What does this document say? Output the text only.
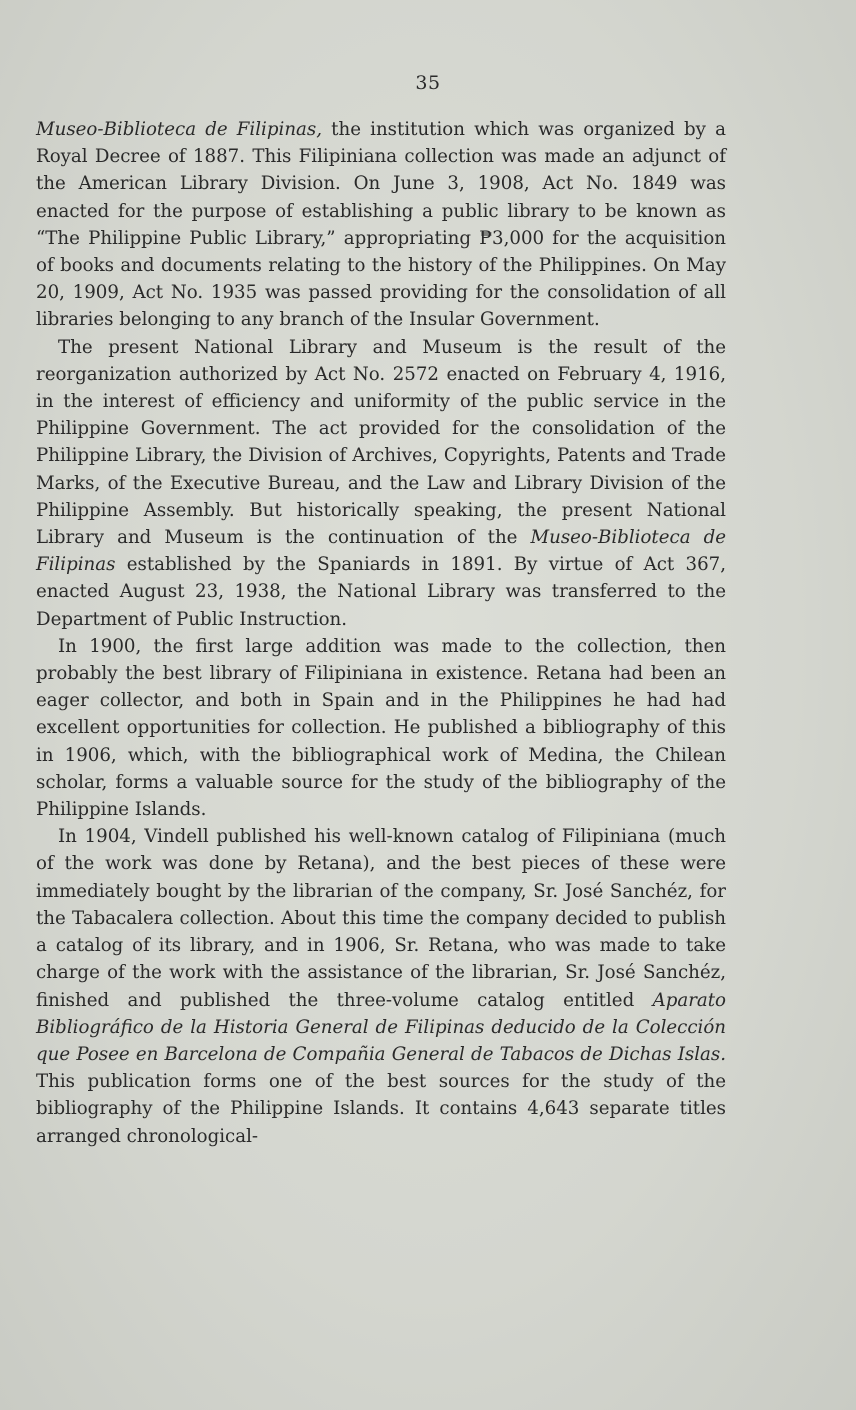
35

Museo-Biblioteca de Filipinas, the institution which was organized by a Royal Decree of 1887. This Filipiniana collection was made an adjunct of the American Library Division. On June 3, 1908, Act No. 1849 was enacted for the purpose of establishing a public library to be known as “The Philippine Public Library,” appropriating ₱3,000 for the acquisition of books and documents relating to the history of the Philippines. On May 20, 1909, Act No. 1935 was passed providing for the consolidation of all libraries belonging to any branch of the Insular Government.

The present National Library and Museum is the result of the reorganization authorized by Act No. 2572 enacted on February 4, 1916, in the interest of efficiency and uniformity of the public service in the Philippine Government. The act provided for the consolidation of the Philippine Library, the Division of Archives, Copyrights, Patents and Trade Marks, of the Executive Bureau, and the Law and Library Division of the Philippine Assembly. But historically speaking, the present National Library and Museum is the continuation of the Museo-Biblioteca de Filipinas established by the Spaniards in 1891. By virtue of Act 367, enacted August 23, 1938, the National Library was transferred to the Department of Public Instruction.

In 1900, the first large addition was made to the collection, then probably the best library of Filipiniana in existence. Retana had been an eager collector, and both in Spain and in the Philippines he had had excellent opportunities for collection. He published a bibliography of this in 1906, which, with the bibliographical work of Medina, the Chilean scholar, forms a valuable source for the study of the bibliography of the Philippine Islands.

In 1904, Vindell published his well-known catalog of Filipiniana (much of the work was done by Retana), and the best pieces of these were immediately bought by the librarian of the company, Sr. José Sanchéz, for the Tabacalera collection. About this time the company decided to publish a catalog of its library, and in 1906, Sr. Retana, who was made to take charge of the work with the assistance of the librarian, Sr. José Sanchéz, finished and published the three-volume catalog entitled Aparato Bibliográfico de la Historia General de Filipinas deducido de la Colección que Posee en Barcelona de Compañia General de Tabacos de Dichas Islas. This publication forms one of the best sources for the study of the bibliography of the Philippine Islands. It contains 4,643 separate titles arranged chronological-
